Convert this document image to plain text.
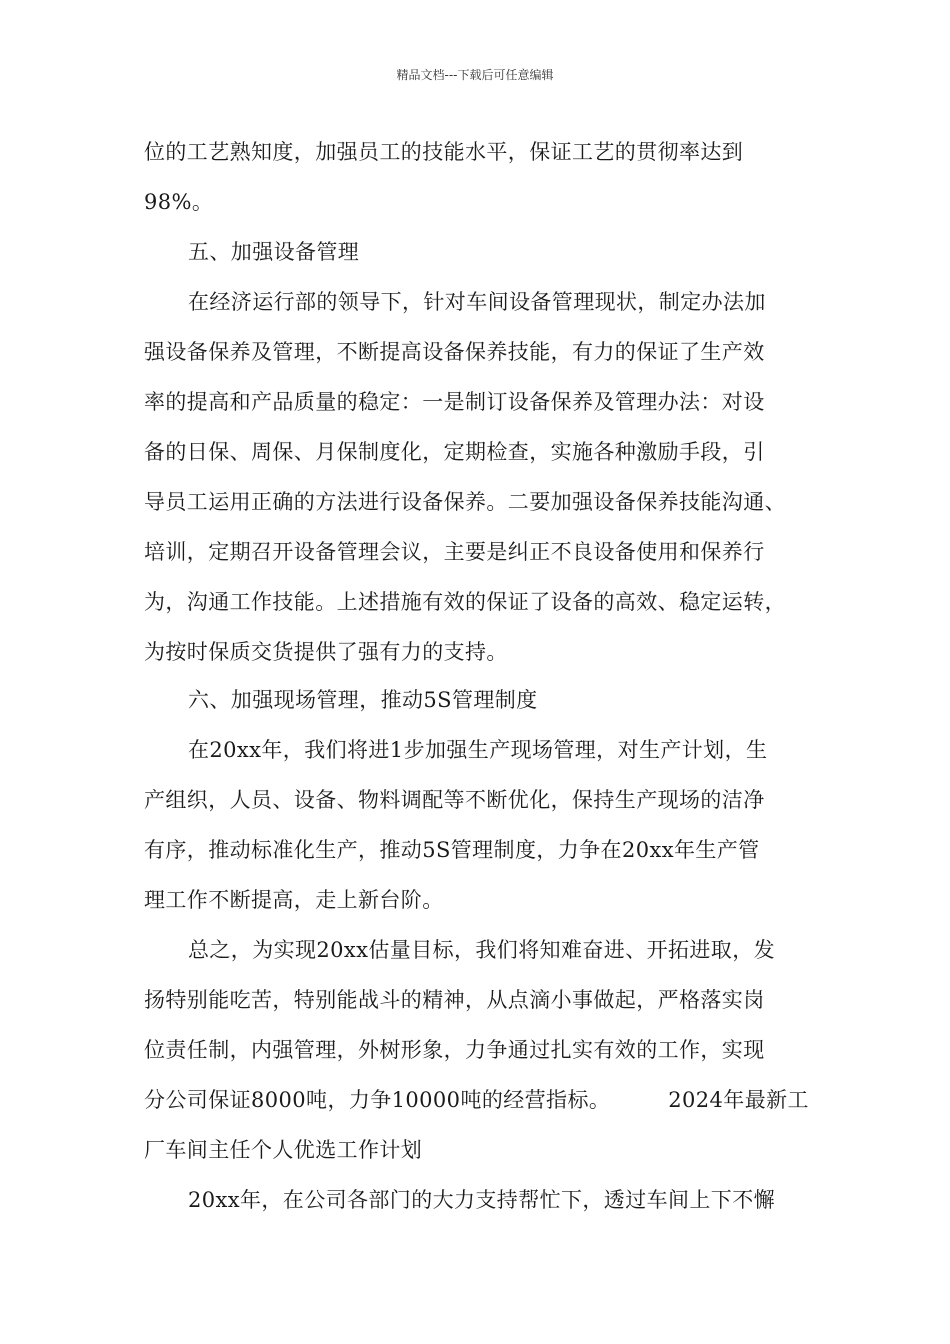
精品文档---下载后可任意编辑
位的工艺熟知度，加强员工的技能水平，保证工艺的贯彻率达到
98%。
五、加强设备管理
在经济运行部的领导下，针对车间设备管理现状，制定办法加
强设备保养及管理，不断提高设备保养技能，有力的保证了生产效
率的提高和产品质量的稳定：一是制订设备保养及管理办法：对设
备的日保、周保、月保制度化，定期检查，实施各种激励手段，引
导员工运用正确的方法进行设备保养。二要加强设备保养技能沟通、
培训，定期召开设备管理会议，主要是纠正不良设备使用和保养行
为，沟通工作技能。上述措施有效的保证了设备的高效、稳定运转，
为按时保质交货提供了强有力的支持。
六、加强现场管理，推动5S管理制度
在20xx年，我们将进1步加强生产现场管理，对生产计划，生
产组织，人员、设备、物料调配等不断优化，保持生产现场的洁净
有序，推动标准化生产，推动5S管理制度，力争在20xx年生产管
理工作不断提高，走上新台阶。
总之，为实现20xx估量目标，我们将知难奋进、开拓进取，发
扬特别能吃苦，特别能战斗的精神，从点滴小事做起，严格落实岗
位责任制，内强管理，外树形象，力争通过扎实有效的工作，实现
分公司保证8000吨，力争10000吨的经营指标。	2024年最新工
厂车间主任个人优选工作计划
20xx年，在公司各部门的大力支持帮忙下，透过车间上下不懈
